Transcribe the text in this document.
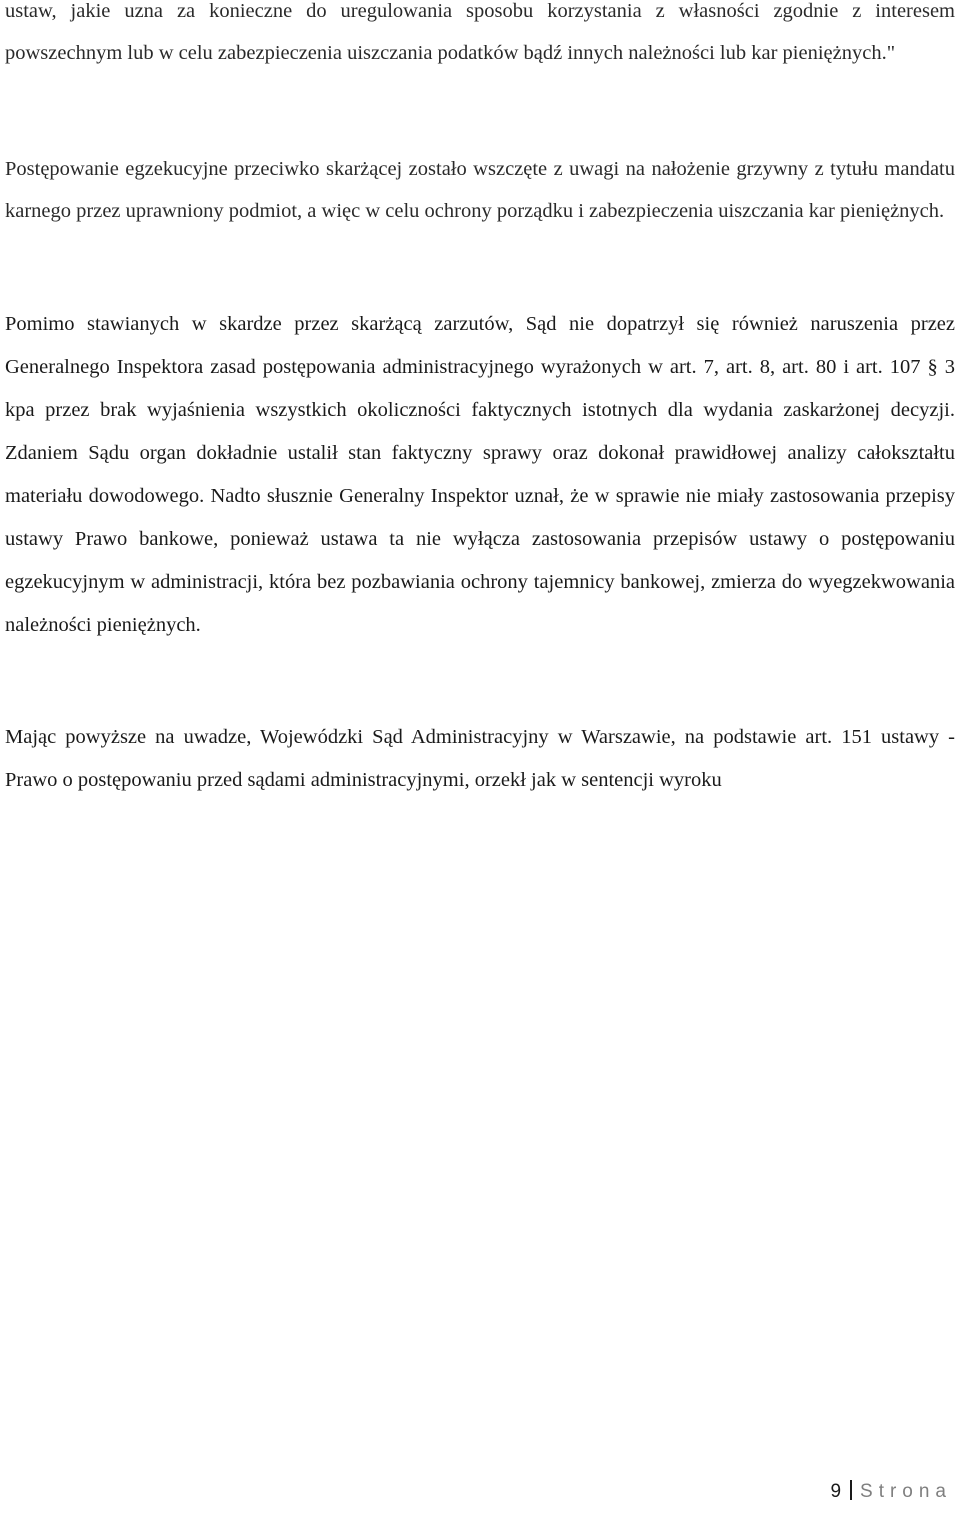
ustaw, jakie uzna za konieczne do uregulowania sposobu korzystania z własności zgodnie z interesem powszechnym lub w celu zabezpieczenia uiszczania podatków bądź innych należności lub kar pieniężnych."

Postępowanie egzekucyjne przeciwko skarżącej zostało wszczęte z uwagi na nałożenie grzywny z tytułu mandatu karnego przez uprawniony podmiot, a więc w celu ochrony porządku i zabezpieczenia uiszczania kar pieniężnych.

Pomimo stawianych w skardze przez skarżącą zarzutów, Sąd nie dopatrzył się również naruszenia przez Generalnego Inspektora zasad postępowania administracyjnego wyrażonych w art. 7, art. 8, art. 80 i art. 107 § 3 kpa przez brak wyjaśnienia wszystkich okoliczności faktycznych istotnych dla wydania zaskarżonej decyzji. Zdaniem Sądu organ dokładnie ustalił stan faktyczny sprawy oraz dokonał prawidłowej analizy całokształtu materiału dowodowego. Nadto słusznie Generalny Inspektor uznał, że w sprawie nie miały zastosowania przepisy ustawy Prawo bankowe, ponieważ ustawa ta nie wyłącza zastosowania przepisów ustawy o postępowaniu egzekucyjnym w administracji, która bez pozbawiania ochrony tajemnicy bankowej, zmierza do wyegzekwowania należności pieniężnych.

Mając powyższe na uwadze, Wojewódzki Sąd Administracyjny w Warszawie, na podstawie art. 151 ustawy - Prawo o postępowaniu przed sądami administracyjnymi, orzekł jak w sentencji wyroku

9 Strona
